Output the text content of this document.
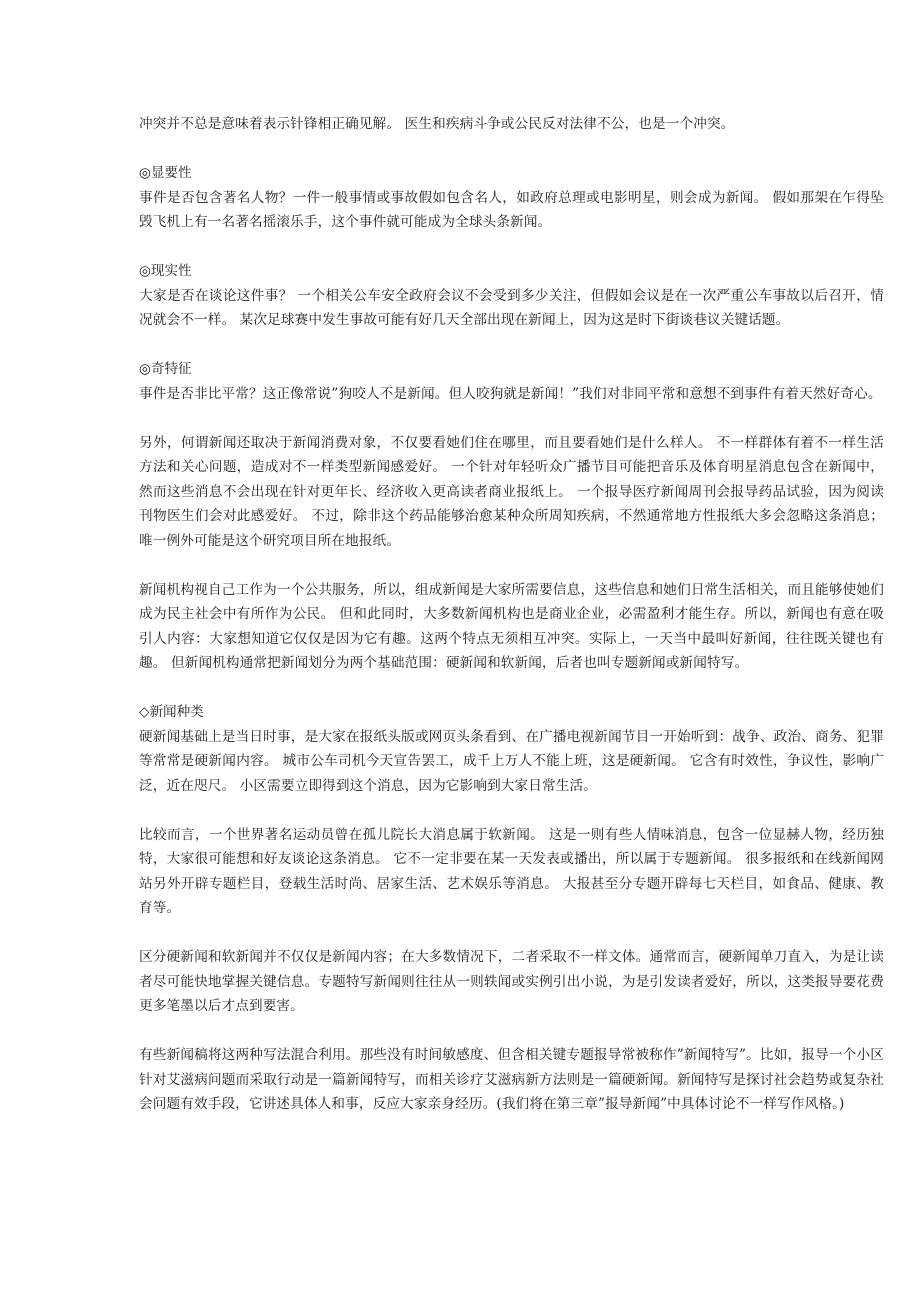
冲突并不总是意味着表示针锋相正确见解。 医生和疾病斗争或公民反对法律不公，也是一个冲突。

◎显要性

事件是否包含著名人物？一件一般事情或事故假如包含名人，如政府总理或电影明星，则会成为新闻。 假如那架在乍得坠毁飞机上有一名著名摇滚乐手，这个事件就可能成为全球头条新闻。

◎现实性

大家是否在谈论这件事？ 一个相关公车安全政府会议不会受到多少关注，但假如会议是在一次严重公车事故以后召开，情况就会不一样。 某次足球赛中发生事故可能有好几天全部出现在新闻上，因为这是时下街谈巷议关键话题。

◎奇特征

事件是否非比平常？这正像常说”狗咬人不是新闻。但人咬狗就是新闻！”我们对非同平常和意想不到事件有着天然好奇心。

另外，何谓新闻还取决于新闻消费对象，不仅要看她们住在哪里，而且要看她们是什么样人。 不一样群体有着不一样生活方法和关心问题，造成对不一样类型新闻感爱好。 一个针对年轻听众广播节目可能把音乐及体育明星消息包含在新闻中，然而这些消息不会出现在针对更年长、经济收入更高读者商业报纸上。 一个报导医疗新闻周刊会报导药品试验，因为阅读刊物医生们会对此感爱好。 不过，除非这个药品能够治愈某种众所周知疾病，不然通常地方性报纸大多会忽略这条消息；唯一例外可能是这个研究项目所在地报纸。

新闻机构视自己工作为一个公共服务，所以，组成新闻是大家所需要信息，这些信息和她们日常生活相关，而且能够使她们成为民主社会中有所作为公民。 但和此同时，大多数新闻机构也是商业企业，必需盈利才能生存。所以，新闻也有意在吸引人内容：大家想知道它仅仅是因为它有趣。这两个特点无须相互冲突。实际上，一天当中最叫好新闻，往往既关键也有趣。 但新闻机构通常把新闻划分为两个基础范围：硬新闻和软新闻，后者也叫专题新闻或新闻特写。

◇新闻种类

硬新闻基础上是当日时事，是大家在报纸头版或网页头条看到、在广播电视新闻节目一开始听到：战争、政治、商务、犯罪等常常是硬新闻内容。 城市公车司机今天宣告罢工，成千上万人不能上班，这是硬新闻。 它含有时效性，争议性，影响广泛，近在咫尺。 小区需要立即得到这个消息，因为它影响到大家日常生活。

比较而言，一个世界著名运动员曾在孤儿院长大消息属于软新闻。 这是一则有些人情味消息，包含一位显赫人物，经历独特，大家很可能想和好友谈论这条消息。 它不一定非要在某一天发表或播出，所以属于专题新闻。 很多报纸和在线新闻网站另外开辟专题栏目，登载生活时尚、居家生活、艺术娱乐等消息。 大报甚至分专题开辟每七天栏目，如食品、健康、教育等。

区分硬新闻和软新闻并不仅仅是新闻内容；在大多数情况下，二者采取不一样文体。通常而言，硬新闻单刀直入，为是让读者尽可能快地掌握关键信息。专题特写新闻则往往从一则轶闻或实例引出小说，为是引发读者爱好，所以，这类报导要花费更多笔墨以后才点到要害。

有些新闻稿将这两种写法混合利用。那些没有时间敏感度、但含相关键专题报导常被称作”新闻特写”。比如，报导一个小区针对艾滋病问题而采取行动是一篇新闻特写，而相关诊疗艾滋病新方法则是一篇硬新闻。新闻特写是探讨社会趋势或复杂社会问题有效手段，它讲述具体人和事，反应大家亲身经历。(我们将在第三章”报导新闻”中具体讨论不一样写作风格。)
